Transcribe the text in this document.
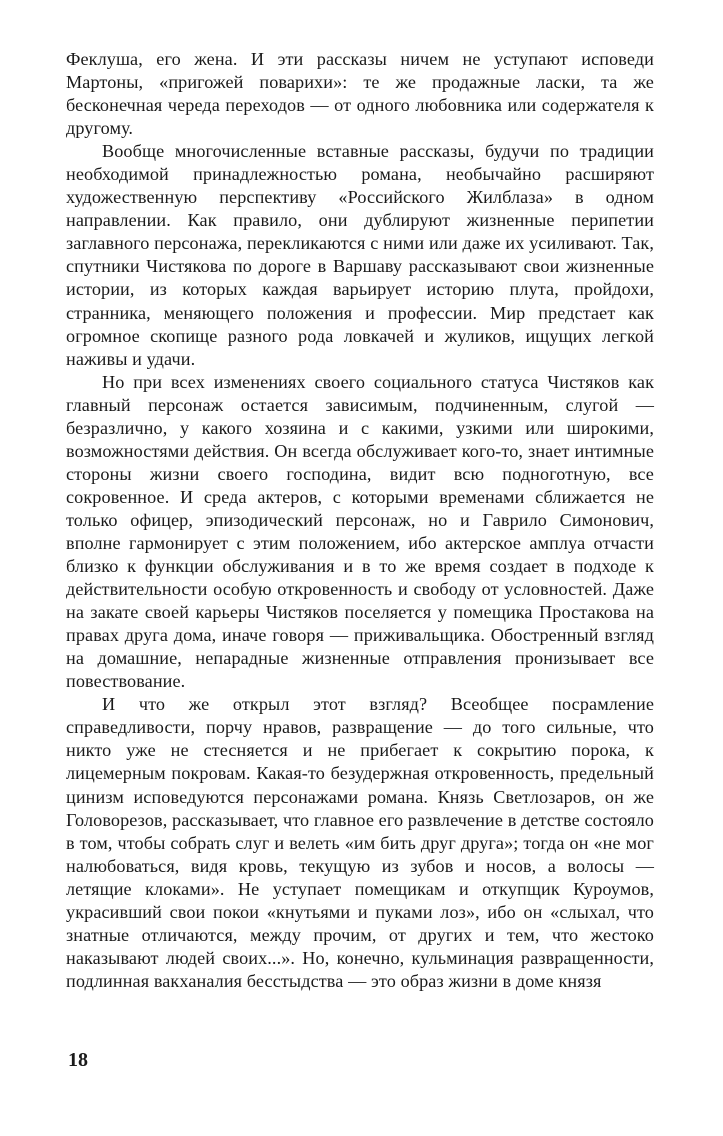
Феклуша, его жена. И эти рассказы ничем не уступают исповеди Мартоны, «пригожей поварихи»: те же продажные ласки, та же бесконечная череда переходов — от одного любовника или содержателя к другому.

Вообще многочисленные вставные рассказы, будучи по традиции необходимой принадлежностью романа, необычайно расширяют художественную перспективу «Российского Жилблаза» в одном направлении. Как правило, они дублируют жизненные перипетии заглавного персонажа, перекликаются с ними или даже их усиливают. Так, спутники Чистякова по дороге в Варшаву рассказывают свои жизненные истории, из которых каждая варьирует историю плута, пройдохи, странника, меняющего положения и профессии. Мир предстает как огромное скопище разного рода ловкачей и жуликов, ищущих легкой наживы и удачи.

Но при всех изменениях своего социального статуса Чистяков как главный персонаж остается зависимым, подчиненным, слугой — безразлично, у какого хозяина и с какими, узкими или широкими, возможностями действия. Он всегда обслуживает кого-то, знает интимные стороны жизни своего господина, видит всю подноготную, все сокровенное. И среда актеров, с которыми временами сближается не только офицер, эпизодический персонаж, но и Гаврило Симонович, вполне гармонирует с этим положением, ибо актерское амплуа отчасти близко к функции обслуживания и в то же время создает в подходе к действительности особую откровенность и свободу от условностей. Даже на закате своей карьеры Чистяков поселяется у помещика Простакова на правах друга дома, иначе говоря — приживальщика. Обостренный взгляд на домашние, непарадные жизненные отправления пронизывает все повествование.

И что же открыл этот взгляд? Всеобщее посрамление справедливости, порчу нравов, развращение — до того сильные, что никто уже не стесняется и не прибегает к сокрытию порока, к лицемерным покровам. Какая-то безудержная откровенность, предельный цинизм исповедуются персонажами романа. Князь Светлозаров, он же Головорезов, рассказывает, что главное его развлечение в детстве состояло в том, чтобы собрать слуг и велеть «им бить друг друга»; тогда он «не мог налюбоваться, видя кровь, текущую из зубов и носов, а волосы — летящие клоками». Не уступает помещикам и откупщик Куроумов, украсивший свои покои «кнутьями и пуками лоз», ибо он «слыхал, что знатные отличаются, между прочим, от других и тем, что жестоко наказывают людей своих...». Но, конечно, кульминация развращенности, подлинная вакханалия бесстыдства — это образ жизни в доме князя

18
